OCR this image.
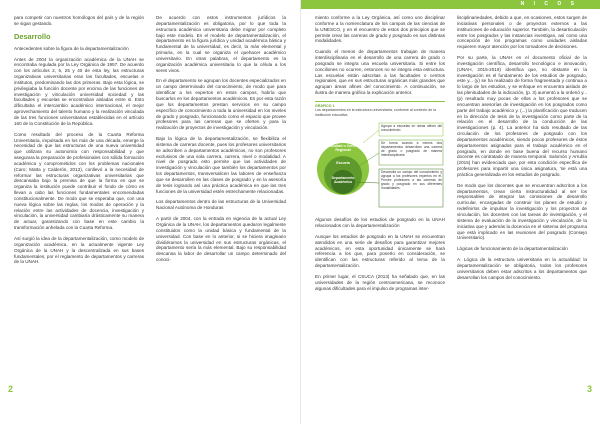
para competir con nuestros homólogos del país y de la región se sigan gestando.

Desarrollo

Antecedentes sobre la figura de la departamentalización

Antes de 2004 la organización académica de la UNAH se encontraba regulada por la Ley Orgánica de 1957. De acuerdo con los artículos 2, 6, 25 y 40 de esta ley, las estructuras organizativas universitarias eran las facultades, escuelas e institutos, predominando las dos primeras. Bajo esta lógica, se privilegiaba la función docente por encima de las funciones de investigación y vinculación universidad sociedad y las facultades y escuelas se encontraban aisladas entre sí. Esto dificultaba el intercambio académico internacional, el mejor aprovechamiento del talento humano y la realización vinculada de las tres funciones universitarias establecidas en el artículo 160 de la Constitución de la República.

Como resultado del proceso de la Cuarta Reforma Universitaria, impulsada en los más de una década, emerge la necesidad de que las estructuras de una nueva universidad que utilizara su autonomía con responsabilidad y que asegurara la preparación de profesionales con sólida formación académica y comprometidos con los problemas nacionales (Caro; Matta y Calderón, 2013), conllevó a la necesidad de reformar las estructuras organizativas universitarias que descansaba bajo la premisa de que la forma en que se organiza la institución puede contribuir el fondo de cómo es llevan a cabo las funciones fundamentales encomendadas constitucionalmente. De modo que se esperaba que, con una nueva lógica sobre las reglas, los modos de operación y la relación entre las actividades de docencia, investigación y vinculación, la universidad cambiaría drásticamente su manera de actuar, garantizando con base en este cambio la transformación anhelada con la Cuarta Reforma.

Así surgió la idea de la departamentalización, como modelo de organización académica, en la actualmente vigente Ley Orgánica de la UNAH y la descentralizada en sus bases fundamentales, por el reglamento de departamentos y carreras de la UNAH.

De acuerdo con estos instrumentos jurídicos la departamentalización es obligatoria, por lo que toda la estructura académica universitaria debe migrar por completo bajo este modelo. En el modelo de departamentalización, el departamento es la figura jurídica y unidad académica básica y fundamental de la universidad, es decir, la más elemental y primaria, en la cual se organiza el quehacer académico universitario. En otras palabras, el departamento es la organización académica universitaria lo que la célula a los seres vivos.

En el departamento se agrupan los docentes especializados en un campo determinado del conocimiento, de modo que para identificar a los expertos en estos campos, habría que buscarlos en los departamentos académicos. Es por esta razón que los departamentos prestan servicios en su campo específico de conocimiento a toda la universidad en los niveles de grado y posgrado, funcionando como el espacio que provee profesores para las carreras que se oferten y para la realización de proyectos de investigación y vinculación.

Bajo la lógica de la departamentalización, se flexibiliza el sistema de carreras docente, pues los profesores universitarios se adscriben a departamentos académicos, no son profesores exclusivos de una sola carrera, carrera, nivel o modalidad. A nivel de posgrado esto permite que las actividades de investigación y vinculación que también los departamentos por los departamentos, transversalicen las labores de enseñanza que se desarrollen en las clases de posgrado y en la asesoría de tesis logrando así una práctica académica en que las tres funciones de la universidad estén estrechamente relacionadas.

Los departamentos dentro de las estructuras de la Universidad Nacional Autónoma de Honduras

A partir de 2004, con la entrada en vigencia de la actual Ley Orgánica de la UNAH, los departamentos quedaron legalmente constituidos como la unidad básica y fundamental de la universidad. Con base en lo anterior, si se hiciera imaginario dividiéramos la universidad en sus estructuras orgánicas, el departamento sería la más elemental. Bajo su responsabilidad descansa la labor de desarrollar un campo determinado del conoci-

2
N I C O S

miento conforme a la Ley Orgánica, así como uno disciplinar conforme a la nomenclatura de los campos de las ciencias de la UNESCO, y en el encuentro de estos dos principios que se permite crear las carreras de grado y posgrado en sus distintas modalidades.

Cuando el menos de departamentos trabajan de manera interdisciplinaria en el desarrollo de una carrera de grado o posgrado se integra una escuela universitaria. Si entre los conciliones no ocurren, entonces no se integra esta estructura. Las escuelas están adscritas a las facultades o centros regionales, que en sus estructuras orgánicas más grandes que agrupan áreas afines del conocimiento. A continuación, se ilustra de manera gráfica la explicación anterior.

GRÁFICO 1
Los departamentos en la estructura universitaria, conforme al contexto de la institución educativa
Facultad o Centro Regional
Escuela
Departamento Académico
Agrupa a escuelas en áreas afines del conocimiento
Se forma cuando a menos dos departamentos desarrollan una carrera de grado o posgrado de manera interdisciplinaria
Desarrolla un campo del conocimiento y agrupa a los profesores expertos en él. Provee profesores a las carreras de grado y posgrado en sus diferentes modalidades.

Algunos desafíos de los estudios de posgrado en la UNAH relacionados con la departamentalización

Aunque los estudios de posgrado en la UNAH se encuentran atendidos en una serie de desafíos para garantizar mejores académicos, en esta oportunidad únicamente se hará referencia a los que, para ponerlo en consideración, se identifican con las estructuras referido al tema de la departamentalización.

En primer lugar, el CSUCA (2013) ha señalado que, en las universidades de la región centroamericana, se reconoce algunas dificultades para el impulso de programas inter-

lisciplinariedades, debido a que, en ocasiones, estos surgen de iniciativas personales o de proyectos externos a las instituciones de educación superior. También, la desarticulación entre los posgrados y las instancias investigan, así como una concepción de los programas como unidades aisladas requieren mayor atención por los tomadores de decisiones.

Por su parte, la UNAH en el documento oficial de la investigación científica, desarrollo tecnológico e innovación, (UNAH, 2015-2019) identifica que, no obstante en la investigación es el fundamento de los estudios de posgrado, este y... (y) se ha realizado de forma fragmentada y continua a lo largo de los estudios, y se enfoque en encuentra aislado de las plenitudades de la indicación, (p. 3) aumentó a la ordenó y... (p) resultado muy pocas de ellos a los profesores que se encuentran asesorías de investigación en los posgrados como parte del trabajo académico y. (...) la planificación que traducen en la dirección de tesis de la investigación como parte de la relación en el desarrollo de la conducción de las investigaciones (p. 4). La anterior ha sido resultado de las circulación de los profesores de posgrado con los departamentos académicos, siendo pocos profesores de éstos departamentos asignados para el trabajo académico en el posgrado, en donde en base buena del recurso humano docente es contratado de manera temporal. Salomón y Arrubla (2015) han evidenciado que, por esta condición específica de profesores para impartir una única asignatura, 'se está una práctica generalizada en los estudios de posgrado.

De modo que los docentes que se encuentran adscritos a los departamentos, crean cierta instructuralidad al ser los responsables de integrar las comisiones de desarrollo curricular, encargadas de construir los planes de estudio y redefinirlos de impulsar la investigación y los proyectos de vinculación, los docentes con las tareas de investigación, y el sistema de evaluación de la investigación y vinculación, de la iniciativa que y además la docencia en el sistema del programa que está implicado en las reuniones del posgrado (Consejo Universitario).

Lógicas de funcionamiento de la departamentalización

A. Lógica de la estructura universitaria en la actualidad: la departamentalización se obligatoria, todos los profesores universitarios deben estar adscritos a los departamentos que desarrollan los campos del conocimiento.

3
